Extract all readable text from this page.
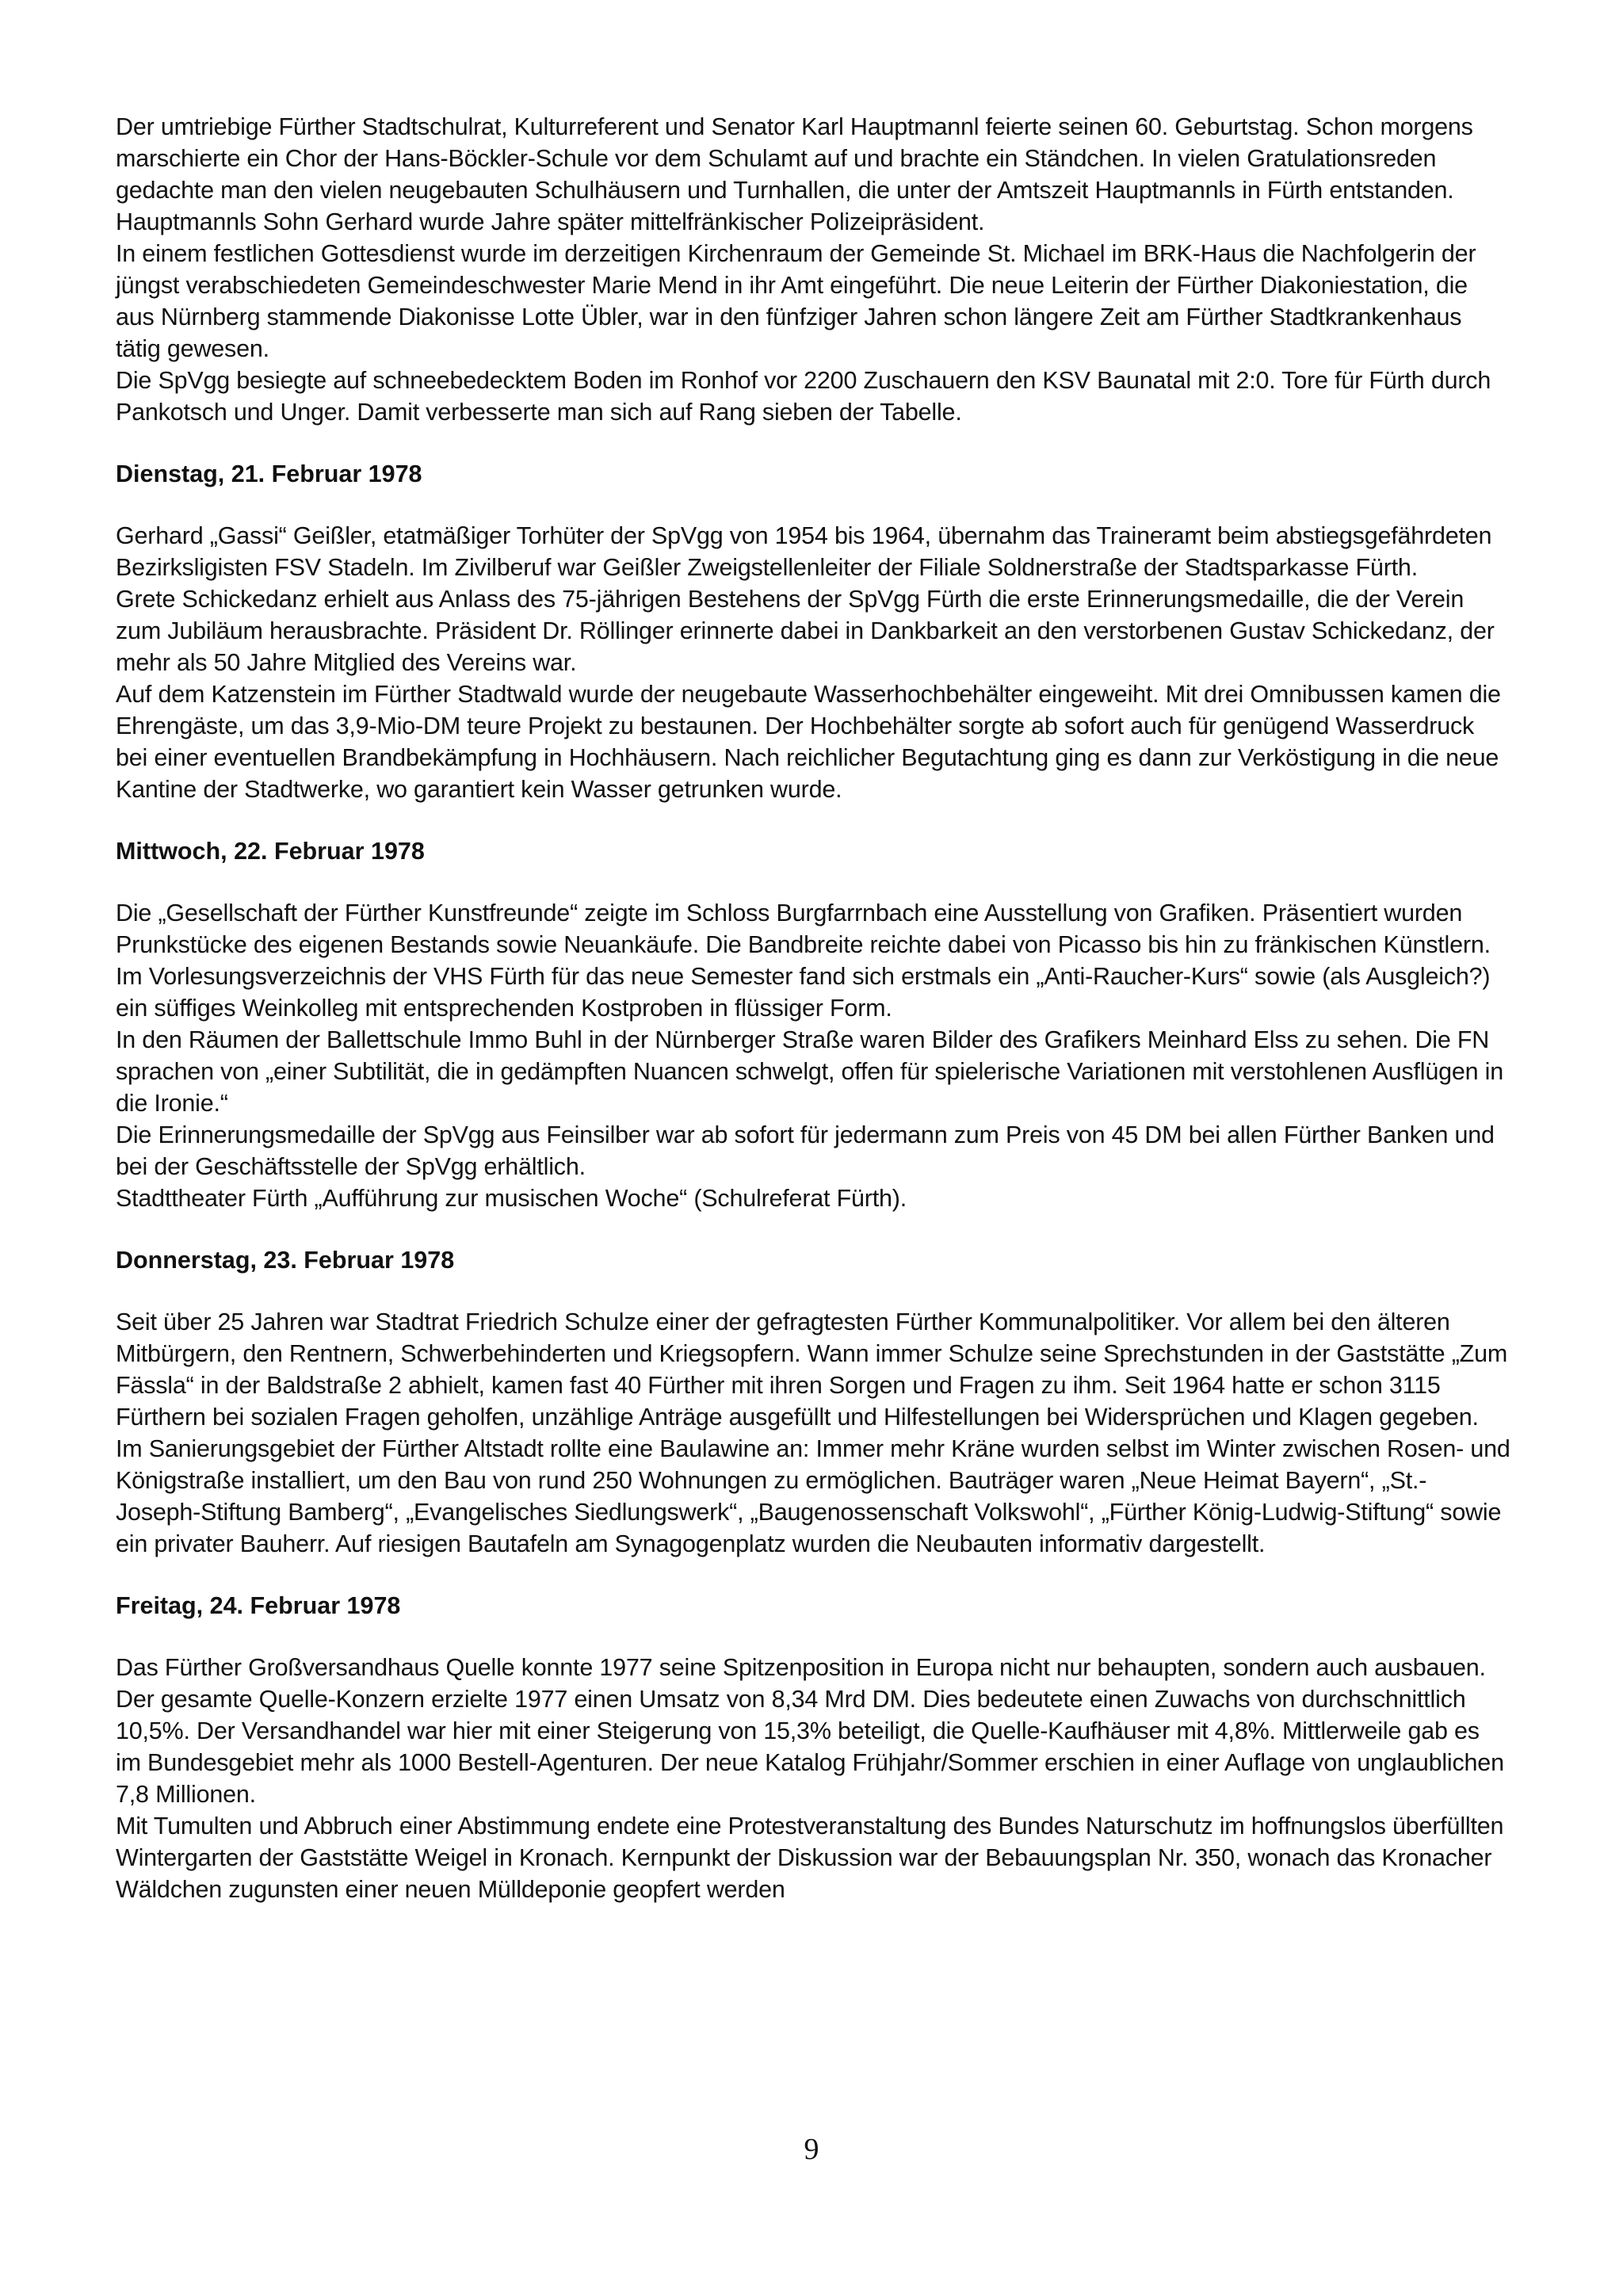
Der umtriebige Fürther Stadtschulrat, Kulturreferent und Senator Karl Hauptmannl feierte seinen 60. Geburtstag. Schon morgens marschierte ein Chor der Hans-Böckler-Schule vor dem Schulamt auf und brachte ein Ständchen. In vielen Gratulationsreden gedachte man den vielen neugebauten Schulhäusern und Turnhallen, die unter der Amtszeit Hauptmannls in Fürth entstanden. Hauptmannls Sohn Gerhard wurde Jahre später mittelfränkischer Polizeipräsident.

In einem festlichen Gottesdienst wurde im derzeitigen Kirchenraum der Gemeinde St. Michael im BRK-Haus die Nachfolgerin der jüngst verabschiedeten Gemeindeschwester Marie Mend in ihr Amt eingeführt. Die neue Leiterin der Fürther Diakoniestation, die aus Nürnberg stammende Diakonisse Lotte Übler, war in den fünfziger Jahren schon längere Zeit am Fürther Stadtkrankenhaus tätig gewesen.

Die SpVgg besiegte auf schneebedecktem Boden im Ronhof vor 2200 Zuschauern den KSV Baunatal mit 2:0. Tore für Fürth durch Pankotsch und Unger. Damit verbesserte man sich auf Rang sieben der Tabelle.

Dienstag, 21. Februar 1978

Gerhard „Gassi“ Geißler, etatmäßiger Torhüter der SpVgg von 1954 bis 1964, übernahm das Traineramt beim abstiegsgefährdeten Bezirksligisten FSV Stadeln. Im Zivilberuf war Geißler Zweigstellenleiter der Filiale Soldnerstraße der Stadtsparkasse Fürth.

Grete Schickedanz erhielt aus Anlass des 75-jährigen Bestehens der SpVgg Fürth die erste Erinnerungsmedaille, die der Verein zum Jubiläum herausbrachte. Präsident Dr. Röllinger erinnerte dabei in Dankbarkeit an den verstorbenen Gustav Schickedanz, der mehr als 50 Jahre Mitglied des Vereins war.

Auf dem Katzenstein im Fürther Stadtwald wurde der neugebaute Wasserhochbehälter eingeweiht. Mit drei Omnibussen kamen die Ehrengäste, um das 3,9-Mio-DM teure Projekt zu bestaunen. Der Hochbehälter sorgte ab sofort auch für genügend Wasserdruck bei einer eventuellen Brandbekämpfung in Hochhäusern. Nach reichlicher Begutachtung ging es dann zur Verköstigung in die neue Kantine der Stadtwerke, wo garantiert kein Wasser getrunken wurde.

Mittwoch, 22. Februar 1978

Die „Gesellschaft der Fürther Kunstfreunde“ zeigte im Schloss Burgfarrnbach eine Ausstellung von Grafiken. Präsentiert wurden Prunkstücke des eigenen Bestands sowie Neuankäufe. Die Bandbreite reichte dabei von Picasso bis hin zu fränkischen Künstlern.

Im Vorlesungsverzeichnis der VHS Fürth für das neue Semester fand sich erstmals ein „Anti-Raucher-Kurs“ sowie (als Ausgleich?) ein süffiges Weinkolleg mit entsprechenden Kostproben in flüssiger Form.

In den Räumen der Ballettschule Immo Buhl in der Nürnberger Straße waren Bilder des Grafikers Meinhard Elss zu sehen. Die FN sprachen von „einer Subtilität, die in gedämpften Nuancen schwelgt, offen für spielerische Variationen mit verstohlenen Ausflügen in die Ironie.“

Die Erinnerungsmedaille der SpVgg aus Feinsilber war ab sofort für jedermann zum Preis von 45 DM bei allen Fürther Banken und bei der Geschäftsstelle der SpVgg erhältlich.

Stadttheater Fürth „Aufführung zur musischen Woche“ (Schulreferat Fürth).

Donnerstag, 23. Februar 1978

Seit über 25 Jahren war Stadtrat Friedrich Schulze einer der gefragtesten Fürther Kommunalpolitiker. Vor allem bei den älteren Mitbürgern, den Rentnern, Schwerbehinderten und Kriegsopfern. Wann immer Schulze seine Sprechstunden in der Gaststätte „Zum Fässla“ in der Baldstraße 2 abhielt, kamen fast 40 Fürther mit ihren Sorgen und Fragen zu ihm. Seit 1964 hatte er schon 3115 Fürthern bei sozialen Fragen geholfen, unzählige Anträge ausgefüllt und Hilfestellungen bei Widersprüchen und Klagen gegeben.

Im Sanierungsgebiet der Fürther Altstadt rollte eine Baulawine an: Immer mehr Kräne wurden selbst im Winter zwischen Rosen- und Königstraße installiert, um den Bau von rund 250 Wohnungen zu ermöglichen. Bauträger waren „Neue Heimat Bayern“, „St.-Joseph-Stiftung Bamberg“, „Evangelisches Siedlungswerk“, „Baugenossenschaft Volkswohl“, „Fürther König-Ludwig-Stiftung“ sowie ein privater Bauherr. Auf riesigen Bautafeln am Synagogenplatz wurden die Neubauten informativ dargestellt.

Freitag, 24. Februar 1978

Das Fürther Großversandhaus Quelle konnte 1977 seine Spitzenposition in Europa nicht nur behaupten, sondern auch ausbauen. Der gesamte Quelle-Konzern erzielte 1977 einen Umsatz von 8,34 Mrd DM. Dies bedeutete einen Zuwachs von durchschnittlich 10,5%. Der Versandhandel war hier mit einer Steigerung von 15,3% beteiligt, die Quelle-Kaufhäuser mit 4,8%. Mittlerweile gab es im Bundesgebiet mehr als 1000 Bestell-Agenturen. Der neue Katalog Frühjahr/Sommer erschien in einer Auflage von unglaublichen 7,8 Millionen.

Mit Tumulten und Abbruch einer Abstimmung endete eine Protestveranstaltung des Bundes Naturschutz im hoffnungslos überfüllten Wintergarten der Gaststätte Weigel in Kronach. Kernpunkt der Diskussion war der Bebauungsplan Nr. 350, wonach das Kronacher Wäldchen zugunsten einer neuen Mülldeponie geopfert werden

9
